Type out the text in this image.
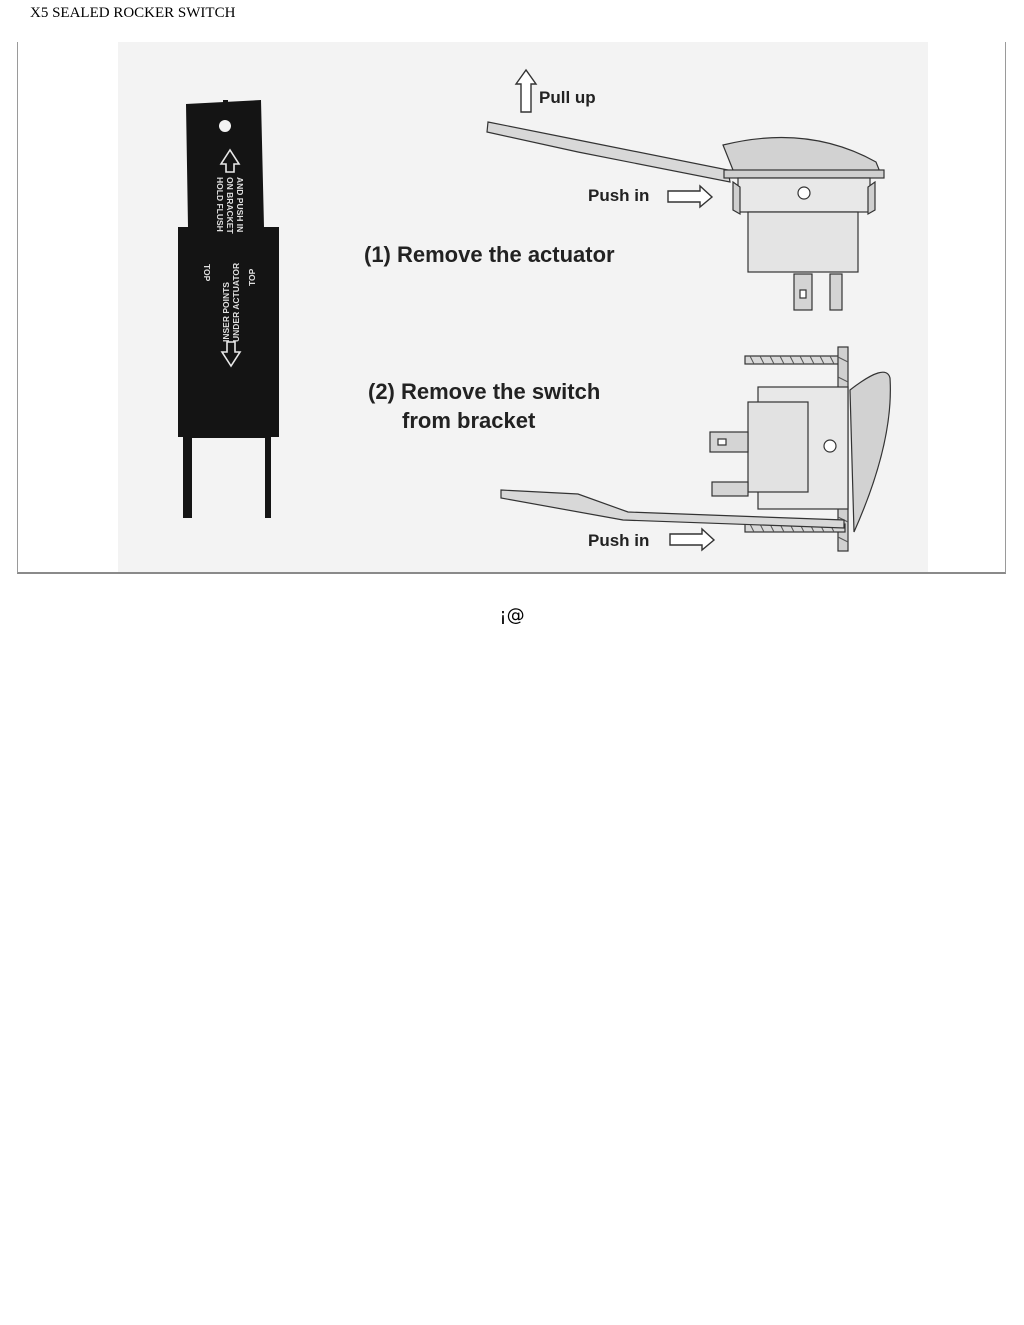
X5 SEALED ROCKER SWITCH
TOP
HOLD FLUSH ON BRACKET AND PUSH IN
TOP
INSER POINTS UNDER ACTUATOR
Pull up
Push in
(1) Remove the actuator
(2) Remove the switch
from bracket
Push in
¡@
